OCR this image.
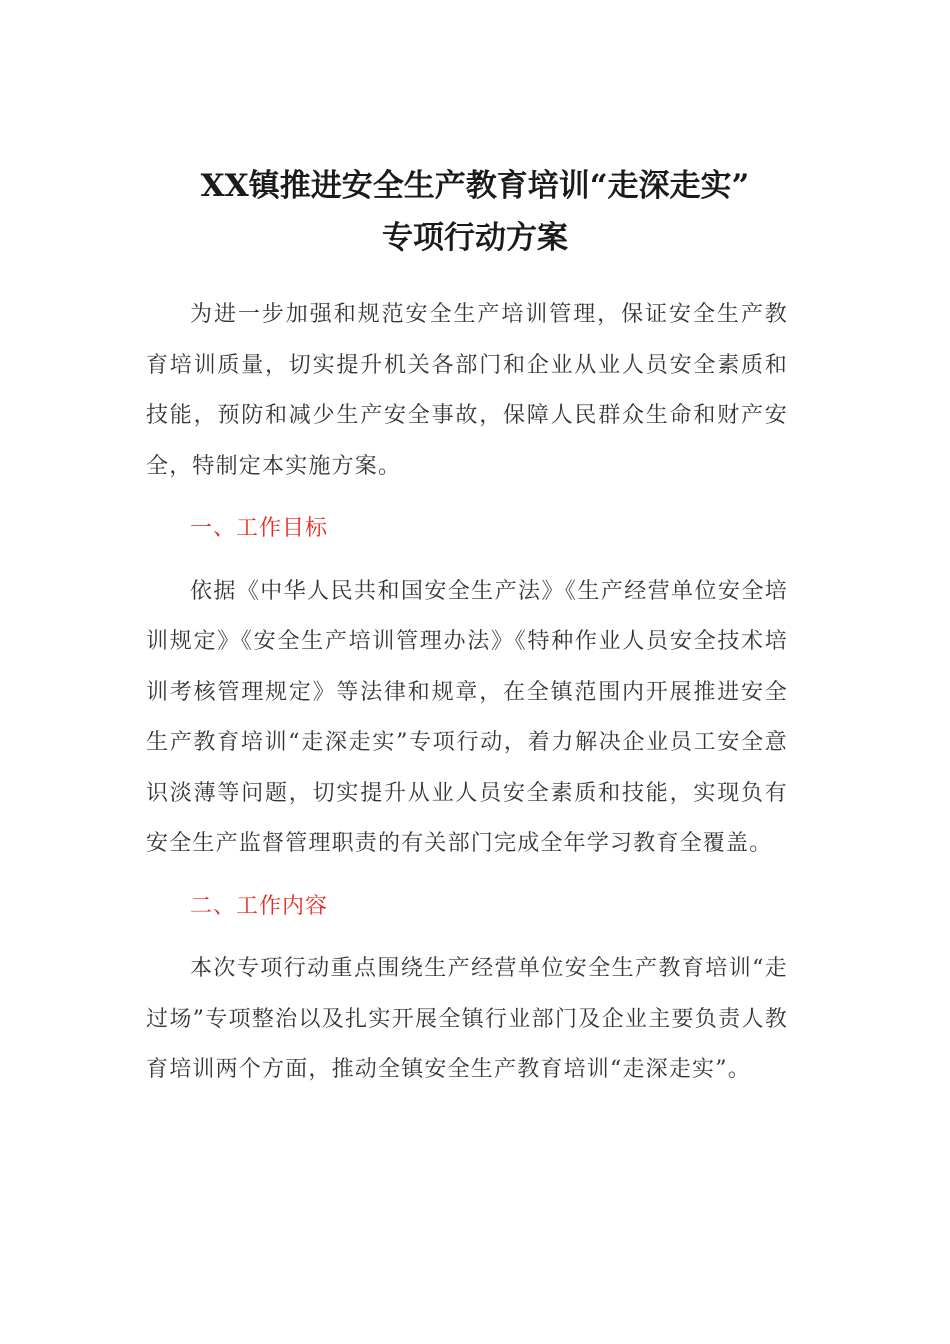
XX镇推进安全生产教育培训“走深走实”
专项行动方案

为进一步加强和规范安全生产培训管理，保证安全生产教育培训质量，切实提升机关各部门和企业从业人员安全素质和技能，预防和减少生产安全事故，保障人民群众生命和财产安全，特制定本实施方案。

一、工作目标

依据《中华人民共和国安全生产法》《生产经营单位安全培训规定》《安全生产培训管理办法》《特种作业人员安全技术培训考核管理规定》等法律和规章，在全镇范围内开展推进安全生产教育培训“走深走实”专项行动，着力解决企业员工安全意识淡薄等问题，切实提升从业人员安全素质和技能，实现负有安全生产监督管理职责的有关部门完成全年学习教育全覆盖。

二、工作内容

本次专项行动重点围绕生产经营单位安全生产教育培训“走过场”专项整治以及扎实开展全镇行业部门及企业主要负责人教育培训两个方面，推动全镇安全生产教育培训“走深走实”。
